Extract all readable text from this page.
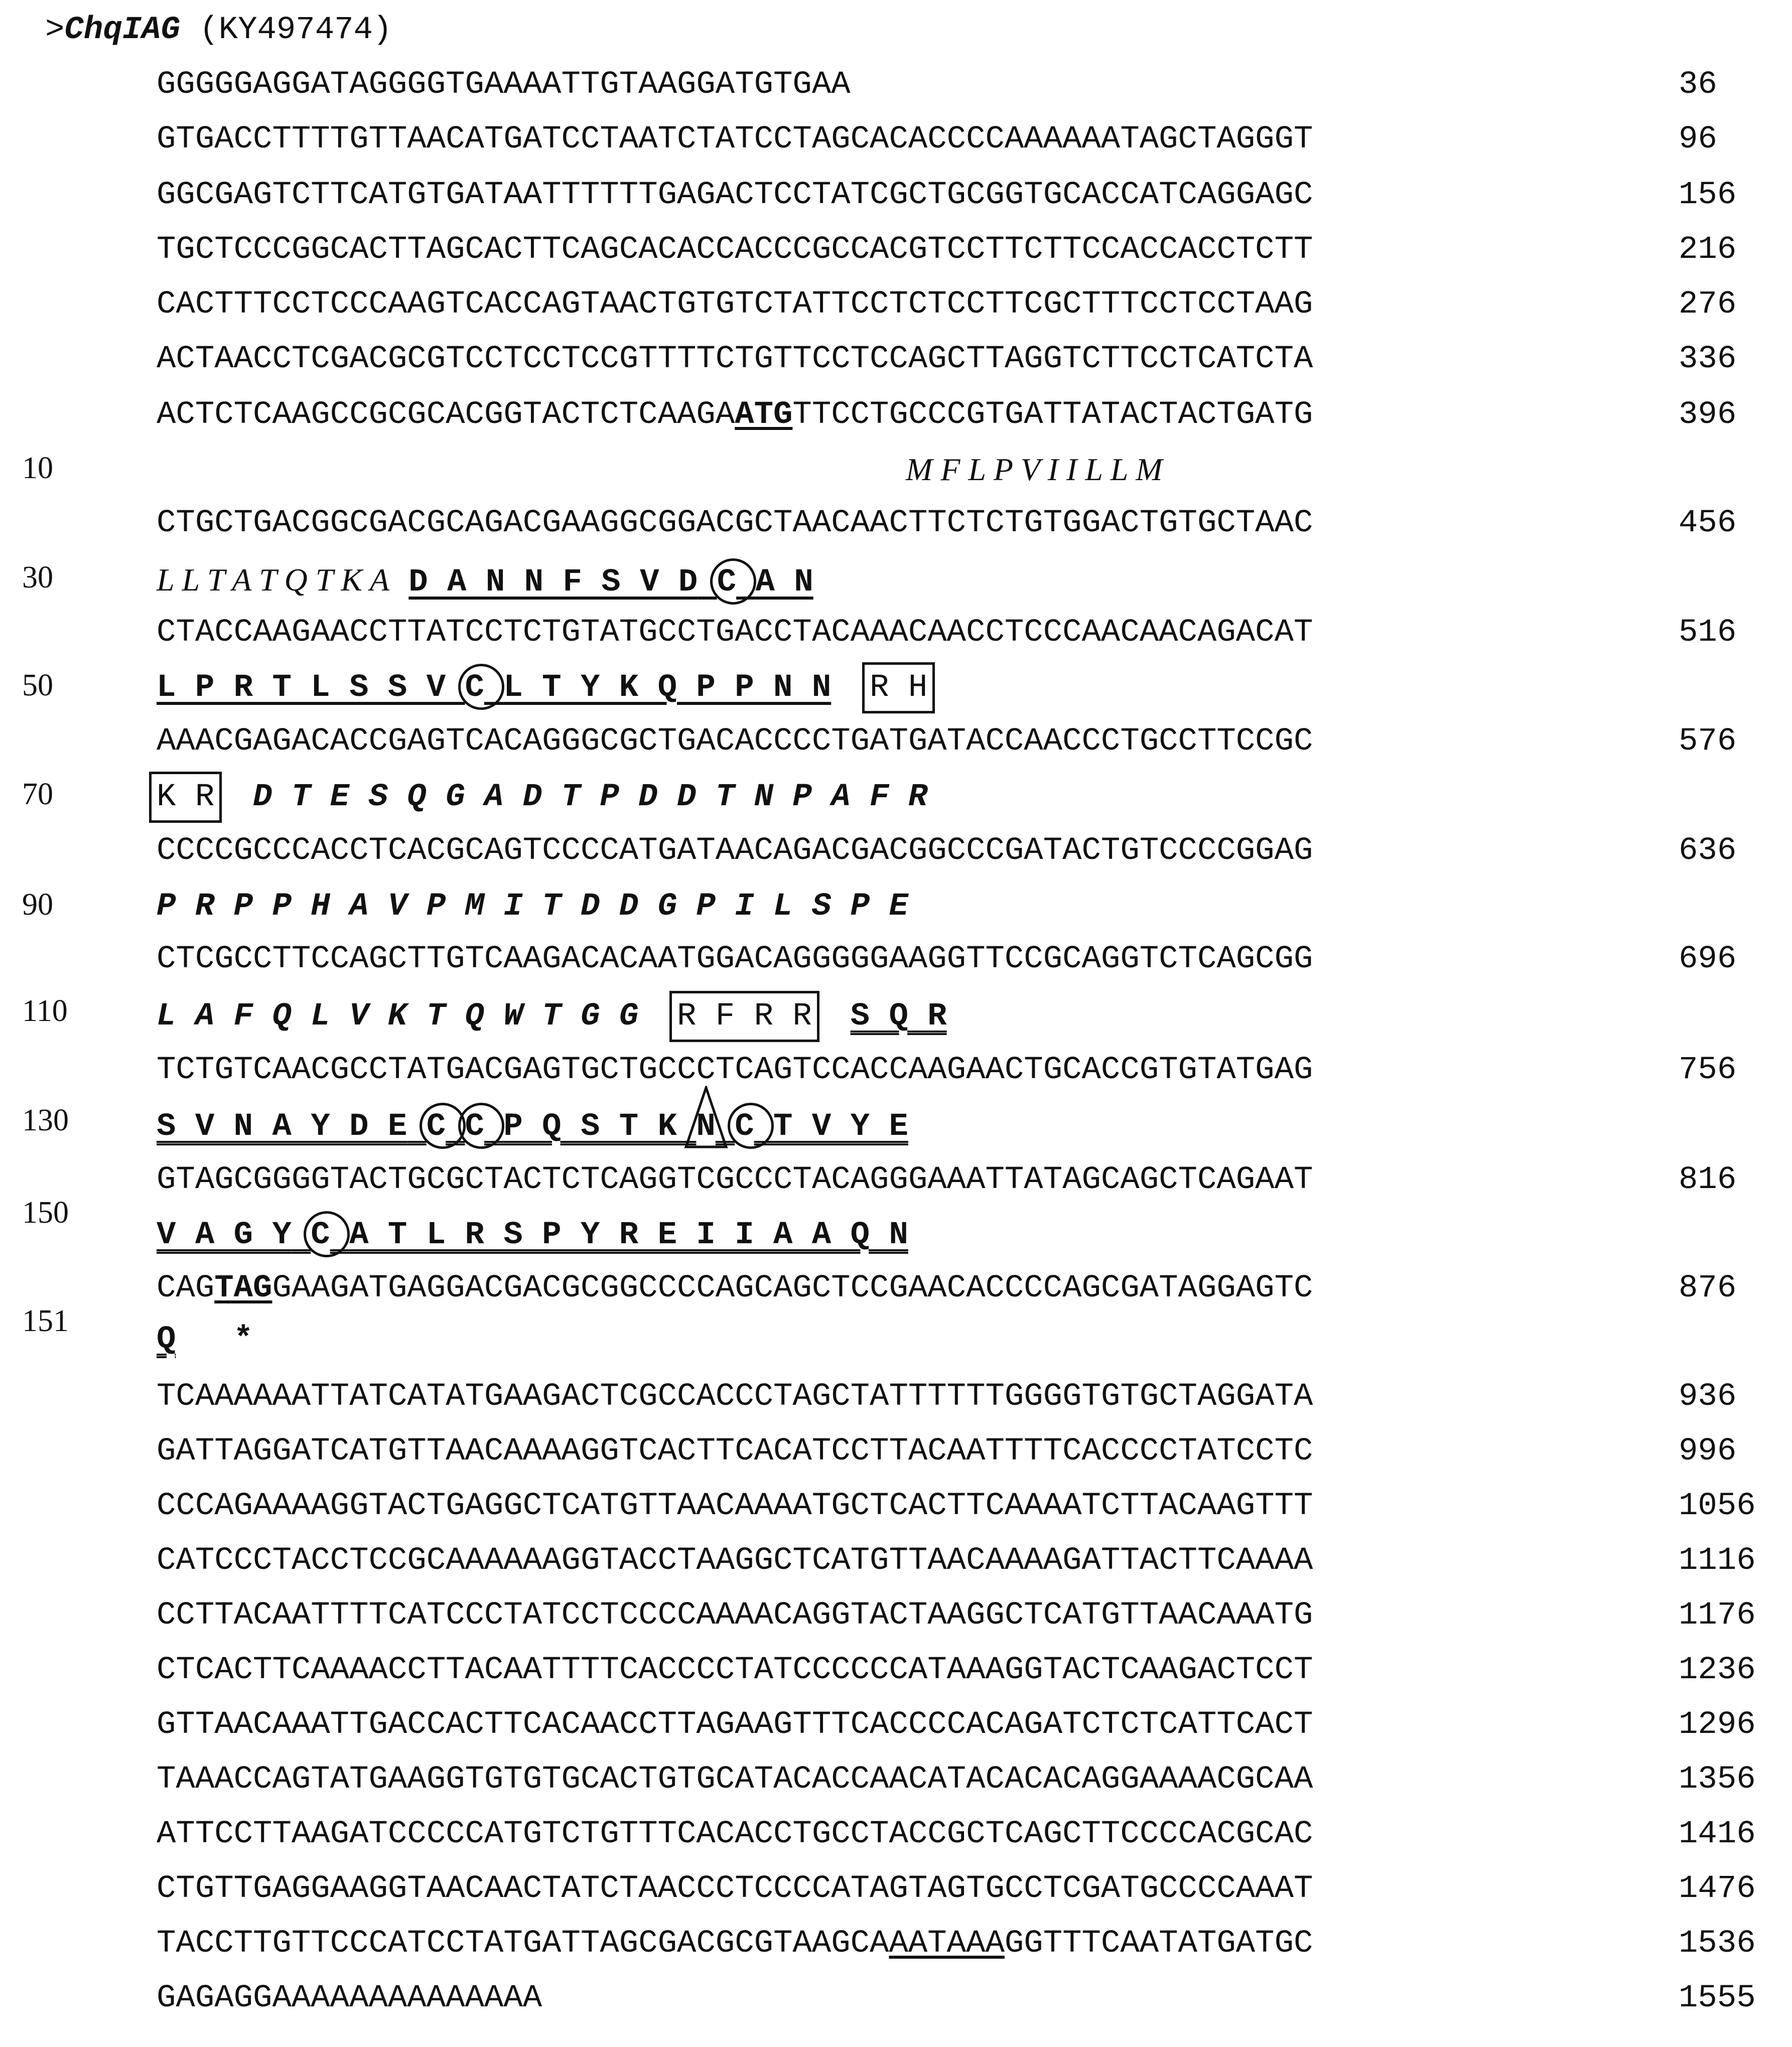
>ChqIAG (KY497474)
GGGGGAGGATAGGGGTGAAAATTGTAAGGATGTGAA	36
GTGACCTTTTGTTAACATGATCCTAATCTATCCTAGCACACCCCAAAAAATAGCTAGGGT	96
GGCGAGTCTTCATGTGATAATTTTTTGAGACTCCTATCGCTGCGGTGCACCATCAGGAGC	156
TGCTCCCGGCACTTAGCACTTCAGCACACCACCCGCCACGTCCTTCTTCCACCACCTCTT	216
CACTTTCCTCCCAAGTCACCAGTAACTGTGTCTATTCCTCTCCTTCGCTTTCCTCCTAAG	276
ACTAACCTCGACGCGTCCTCCTCCGTTTTCTGTTCCTCCAGCTTAGGTCTTCCTCATCTA	336
ACTCTCAAGCCGCGCACGGTACTCTCAAGAATGTTCCTGCCCGTGATTATACTACTGATG	396
10	M F L P V I I L L M
CTGCTGACGGCGACGCAGACGAAGGCGGACGCTAACAACTTCTCTGTGGACTGTGCTAAC	456
30	L L T A T Q T K A D A N N F S V D C A N
CTACCAAGAACCTTATCCTCTGTATGCCTGACCTACAAACAACCTCCCAACAACAGACAT	516
50	L P R T L S S V C L T Y K Q P P N N R H
AAACGAGACACCGAGTCACAGGGCGCTGACACCCCTGATGATACCAACCCTGCCTTCCGC	576
70	K R D T E S Q G A D T P D D T N P A F R
CCCCGCCCACCTCACGCAGTCCCCATGATAACAGACGACGGCCCGATACTGTCCCCGGAG	636
90	P R P P H A V P M I T D D G P I L S P E
CTCGCCTTCCAGCTTGTCAAGACACAATGGACAGGGGGAAGGTTCCGCAGGTCTCAGCGG	696
110	L A F Q L V K T Q W T G G R F R R S Q R
TCTGTCAACGCCTATGACGAGTGCTGCCCTCAGTCCACCAAGAACTGCACCGTGTATGAG	756
130	S V N A Y D E C C P Q S T K N C T V Y E
GTAGCGGGGTACTGCGCTACTCTCAGGTCGCCCTACAGGGAAATTATAGCAGCTCAGAAT	816
150
V A G Y C A T L R S P Y R E I I A A Q N
CAGTAGGAAGATGAGGACGACGCGGCCCCAGCAGCTCCGAACACCCCAGCGATAGGAGTC	876
151
Q *
TCAAAAAATTATCATATGAAGACTCGCCACCCTAGCTATTTTTTGGGGTGTGCTAGGATA	936
GATTAGGATCATGTTAACAAAAGGTCACTTCACATCCTTACAATTTTCACCCCTATCCTC	996
CCCAGAAAAGGTACTGAGGCTCATGTTAACAAAATGCTCACTTCAAAATCTTACAAGTTT	1056
CATCCCTACCTCCGCAAAAAAGGTACCTAAGGCTCATGTTAACAAAAGATTACTTCAAAA	1116
CCTTACAATTTTCATCCCTATCCTCCCCAAAACAGGTACTAAGGCTCATGTTAACAAATG	1176
CTCACTTCAAAACCTTACAATTTTCACCCCTATCCCCCCATAAAGGTACTCAAGACTCCT	1236
GTTAACAAATTGACCACTTCACAACCTTAGAAGTTTCACCCCACAGATCTCTCATTCACT	1296
TAAACCAGTATGAAGGTGTGTGCACTGTGCATACACCAACATACACACAGGAAAACGCAA	1356
ATTCCTTAAGATCCCCCATGTCTGTTTCACACCTGCCTACCGCTCAGCTTCCCCACGCAC	1416
CTGTTGAGGAAGGTAACAACTATCTAACCCTCCCCATAGTAGTGCCTCGATGCCCCAAAT	1476
TACCTTGTTCCCATCCTATGATTAGCGACGCGTAAGCAAATAAAGGTTTCAATATGATGC	1536
GAGAGGAAAAAAAAAAAAAA	1555
